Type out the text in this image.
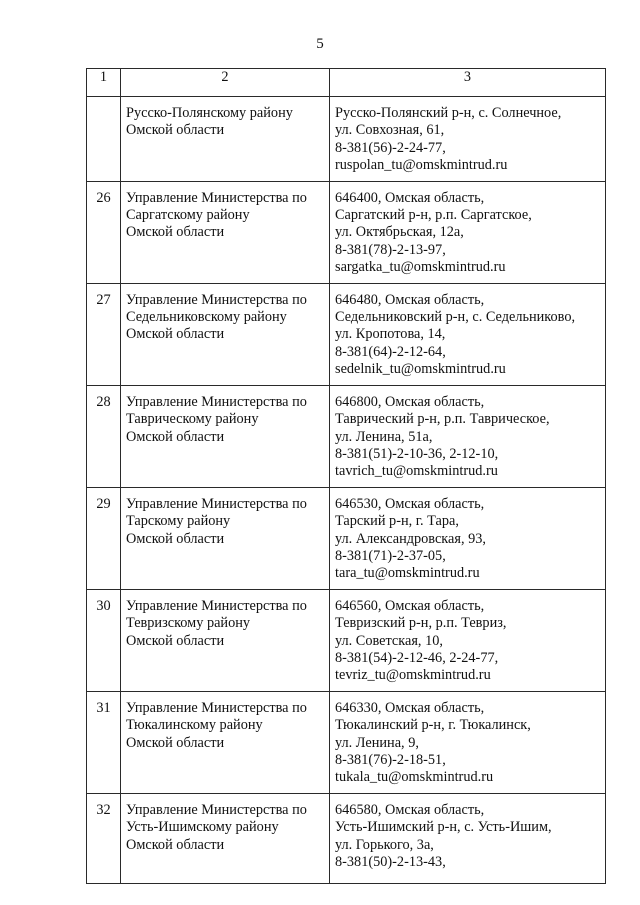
5
1	2	3

	Русско-Полянскому району
Омской области	Русско-Полянский р-н, с. Солнечное,
ул. Совхозная, 61,
8-381(56)-2-24-77,
ruspolan_tu@omskmintrud.ru

26	Управление Министерства по
Саргатскому району
Омской области	646400, Омская область,
Саргатский р-н, р.п. Саргатское,
ул. Октябрьская, 12а,
8-381(78)-2-13-97,
sargatka_tu@omskmintrud.ru

27	Управление Министерства по
Седельниковскому району
Омской области	646480, Омская область,
Седельниковский р-н, с. Седельниково,
ул. Кропотова, 14,
8-381(64)-2-12-64,
sedelnik_tu@omskmintrud.ru

28	Управление Министерства по
Таврическому району
Омской области	646800, Омская область,
Таврический р-н, р.п. Таврическое,
ул. Ленина, 51а,
8-381(51)-2-10-36, 2-12-10,
tavrich_tu@omskmintrud.ru

29	Управление Министерства по
Тарскому району
Омской области	646530, Омская область,
Тарский р-н, г. Тара,
ул. Александровская, 93,
8-381(71)-2-37-05,
tara_tu@omskmintrud.ru

30	Управление Министерства по
Тевризскому району
Омской области	646560, Омская область,
Тевризский р-н, р.п. Тевриз,
ул. Советская, 10,
8-381(54)-2-12-46, 2-24-77,
tevriz_tu@omskmintrud.ru

31	Управление Министерства по
Тюкалинскому району
Омской области	646330, Омская область,
Тюкалинский р-н, г. Тюкалинск,
ул. Ленина, 9,
8-381(76)-2-18-51,
tukala_tu@omskmintrud.ru

32	Управление Министерства по
Усть-Ишимскому району
Омской области	646580, Омская область,
Усть-Ишимский р-н, с. Усть-Ишим,
ул. Горького, 3а,
8-381(50)-2-13-43,
